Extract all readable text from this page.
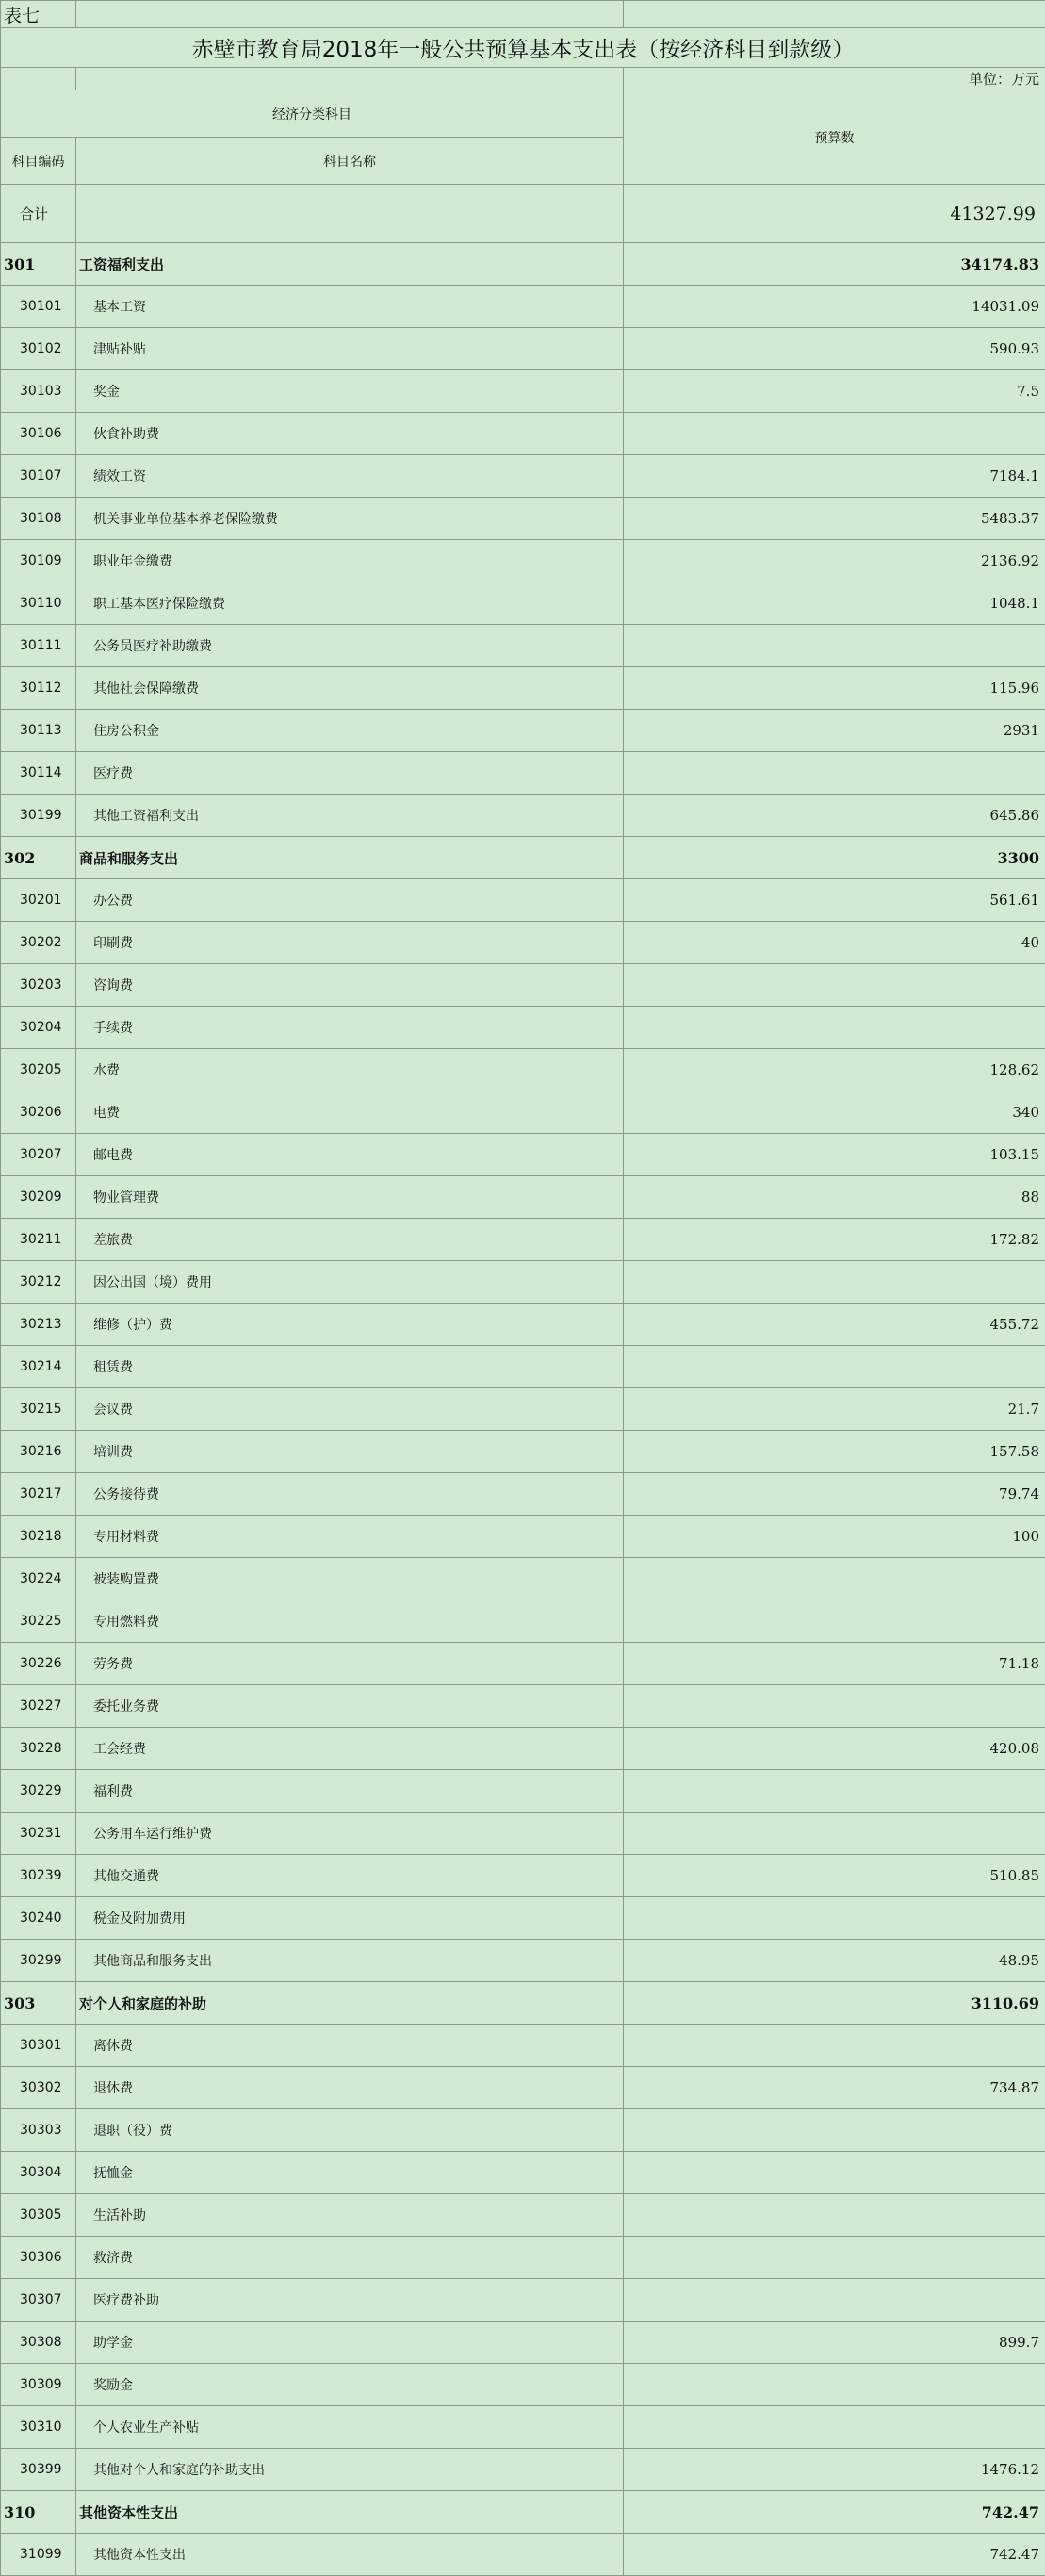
表七		
赤壁市教育局2018年一般公共预算基本支出表（按经济科目到款级）		
		单位：万元
经济分类科目		预算数
科目编码	科目名称	
合计		41327.99
301	工资福利支出	34174.83
30101	基本工资	14031.09
30102	津贴补贴	590.93
30103	奖金	7.5
30106	伙食补助费	
30107	绩效工资	7184.1
30108	机关事业单位基本养老保险缴费	5483.37
30109	职业年金缴费	2136.92
30110	职工基本医疗保险缴费	1048.1
30111	公务员医疗补助缴费	
30112	其他社会保障缴费	115.96
30113	住房公积金	2931
30114	医疗费	
30199	其他工资福利支出	645.86
302	商品和服务支出	3300
30201	办公费	561.61
30202	印刷费	40
30203	咨询费	
30204	手续费	
30205	水费	128.62
30206	电费	340
30207	邮电费	103.15
30209	物业管理费	88
30211	差旅费	172.82
30212	因公出国（境）费用	
30213	维修（护）费	455.72
30214	租赁费	
30215	会议费	21.7
30216	培训费	157.58
30217	公务接待费	79.74
30218	专用材料费	100
30224	被装购置费	
30225	专用燃料费	
30226	劳务费	71.18
30227	委托业务费	
30228	工会经费	420.08
30229	福利费	
30231	公务用车运行维护费	
30239	其他交通费	510.85
30240	税金及附加费用	
30299	其他商品和服务支出	48.95
303	对个人和家庭的补助	3110.69
30301	离休费	
30302	退休费	734.87
30303	退职（役）费	
30304	抚恤金	
30305	生活补助	
30306	救济费	
30307	医疗费补助	
30308	助学金	899.7
30309	奖励金	
30310	个人农业生产补贴	
30399	其他对个人和家庭的补助支出	1476.12
310	其他资本性支出	742.47
31099	其他资本性支出	742.47
